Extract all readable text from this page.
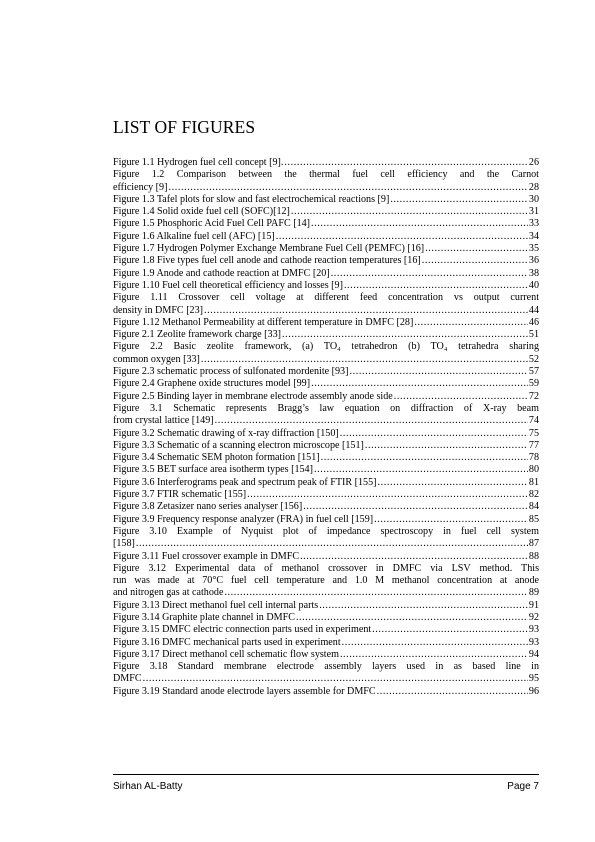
LIST OF FIGURES
Figure 1.1 Hydrogen fuel cell concept [9]. .....	26
Figure 1.2 Comparison between the thermal fuel cell efficiency and the Carnot
efficiency [9] .....	28
Figure 1.3 Tafel plots for slow and fast electrochemical reactions [9] .....	30
Figure 1.4 Solid oxide fuel cell (SOFC)[12] .....	31
Figure 1.5 Phosphoric Acid Fuel Cell PAFC [14] .....	33
Figure 1.6 Alkaline fuel cell (AFC) [15] .....	34
Figure 1.7 Hydrogen Polymer Exchange Membrane Fuel Cell (PEMFC) [16] .....	35
Figure 1.8 Five types fuel cell anode and cathode reaction temperatures [16] .....	36
Figure 1.9 Anode and cathode reaction at DMFC [20] .....	38
Figure 1.10 Fuel cell theoretical efficiency and losses [9] .....	40
Figure 1.11 Crossover cell voltage at different feed concentration vs output current
density in DMFC [23] .....	44
Figure 1.12 Methanol Permeability at different temperature in DMFC [28] .....	46
Figure 2.1 Zeolite framework charge [33] .....	51
Figure 2.2 Basic zeolite framework, (a) TO₄ tetrahedron (b) TO₄ tetrahedra sharing
common oxygen [33] .....	52
Figure 2.3 schematic process of sulfonated mordenite [93] .....	57
Figure 2.4 Graphene oxide structures model [99] .....	59
Figure 2.5 Binding layer in membrane electrode assembly anode side .....	72
Figure 3.1 Schematic represents Bragg’s law equation on diffraction of X-ray beam
from crystal lattice [149] .....	74
Figure 3.2 Schematic drawing of x-ray diffraction [150] .....	75
Figure 3.3 Schematic of a scanning electron microscope [151] .....	77
Figure 3.4 Schematic SEM photon formation [151] .....	78
Figure 3.5 BET surface area isotherm types [154] .....	80
Figure 3.6 Interferograms peak and spectrum peak of FTIR [155] .....	81
Figure 3.7 FTIR schematic [155] .....	82
Figure 3.8 Zetasizer nano series analyser [156] .....	84
Figure 3.9 Frequency response analyzer (FRA) in fuel cell [159] .....	85
Figure 3.10 Example of Nyquist plot of impedance spectroscopy in fuel cell system
[158] .....	87
Figure 3.11 Fuel crossover example in DMFC .....	88
Figure 3.12 Experimental data of methanol crossover in DMFC via LSV method. This
run was made at 70°C fuel cell temperature and 1.0 M methanol concentration at anode
and nitrogen gas at cathode .....	89
Figure 3.13 Direct methanol fuel cell internal parts .....	91
Figure 3.14 Graphite plate channel in DMFC .....	92
Figure 3.15 DMFC electric connection parts used in experiment .....	93
Figure 3.16 DMFC mechanical parts used in experiment .....	93
Figure 3.17 Direct methanol cell schematic flow system .....	94
Figure 3.18 Standard membrane electrode assembly layers used in as based line in
DMFC .....	95
Figure 3.19 Standard anode electrode layers assemble for DMFC .....	96
Sirhan AL-Batty	Page 7
